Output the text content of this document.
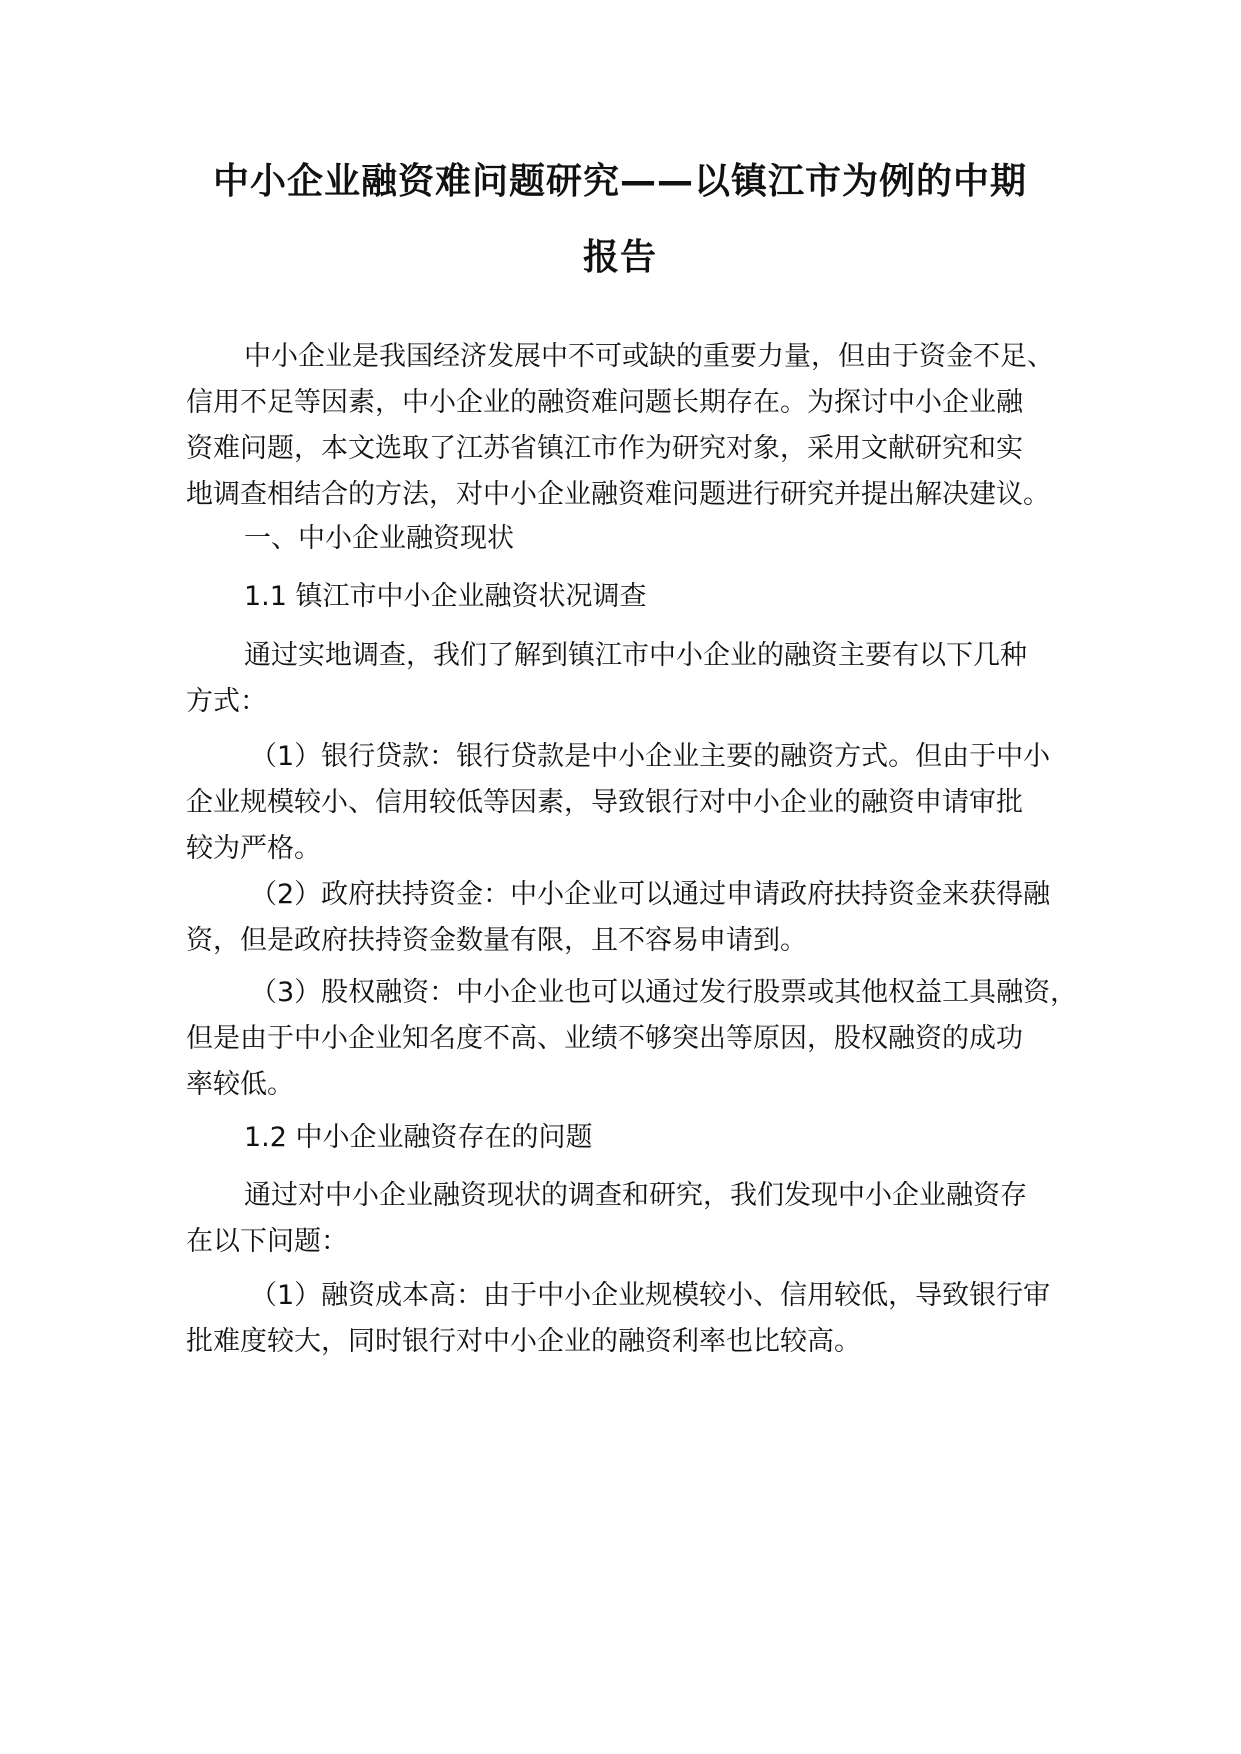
中小企业融资难问题研究——以镇江市为例的中期
报告

中小企业是我国经济发展中不可或缺的重要力量，但由于资金不足、
信用不足等因素，中小企业的融资难问题长期存在。为探讨中小企业融
资难问题，本文选取了江苏省镇江市作为研究对象，采用文献研究和实
地调查相结合的方法，对中小企业融资难问题进行研究并提出解决建议。

一、中小企业融资现状

1.1 镇江市中小企业融资状况调查

通过实地调查，我们了解到镇江市中小企业的融资主要有以下几种
方式：

（1）银行贷款：银行贷款是中小企业主要的融资方式。但由于中小
企业规模较小、信用较低等因素，导致银行对中小企业的融资申请审批
较为严格。

（2）政府扶持资金：中小企业可以通过申请政府扶持资金来获得融
资，但是政府扶持资金数量有限，且不容易申请到。

（3）股权融资：中小企业也可以通过发行股票或其他权益工具融资，
但是由于中小企业知名度不高、业绩不够突出等原因，股权融资的成功
率较低。

1.2 中小企业融资存在的问题

通过对中小企业融资现状的调查和研究，我们发现中小企业融资存
在以下问题：

（1）融资成本高：由于中小企业规模较小、信用较低，导致银行审
批难度较大，同时银行对中小企业的融资利率也比较高。
